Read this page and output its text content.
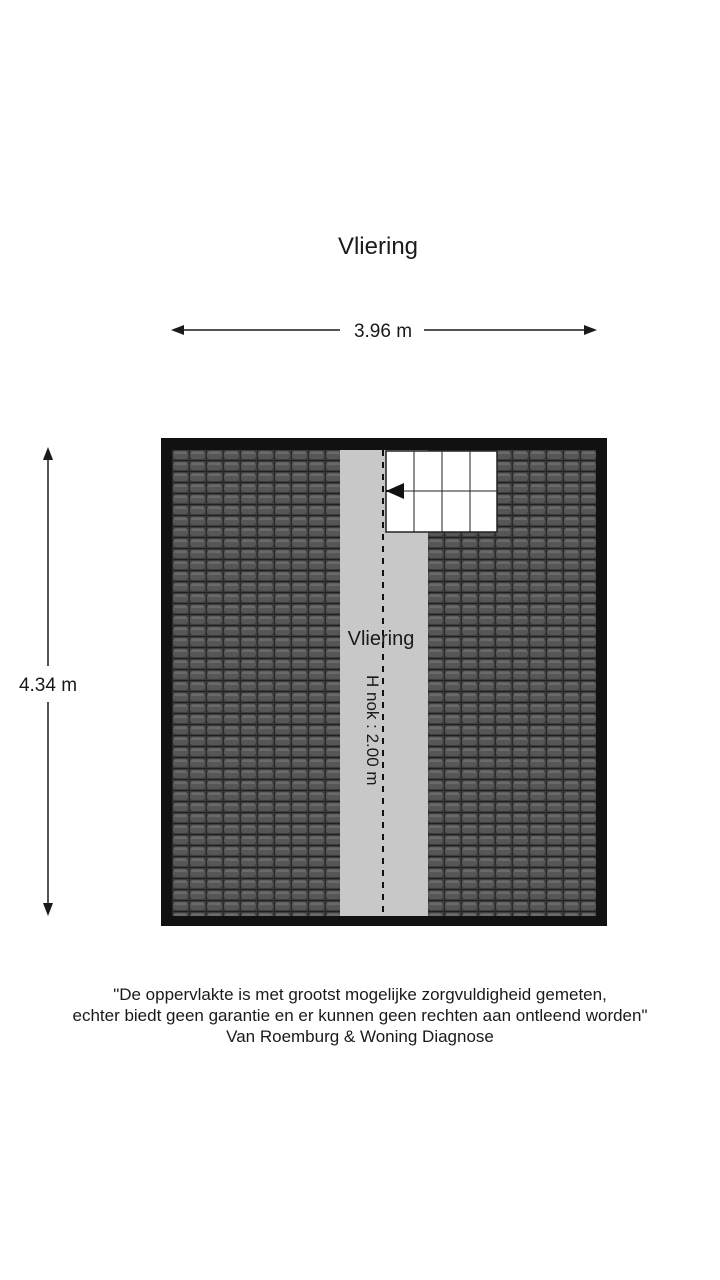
Vliering
3.96 m
4.34 m
Vliering
H nok : 2.00 m
"De oppervlakte is met grootst mogelijke zorgvuldigheid gemeten,
echter biedt geen garantie en er kunnen geen rechten aan ontleend worden"
Van Roemburg & Woning Diagnose
